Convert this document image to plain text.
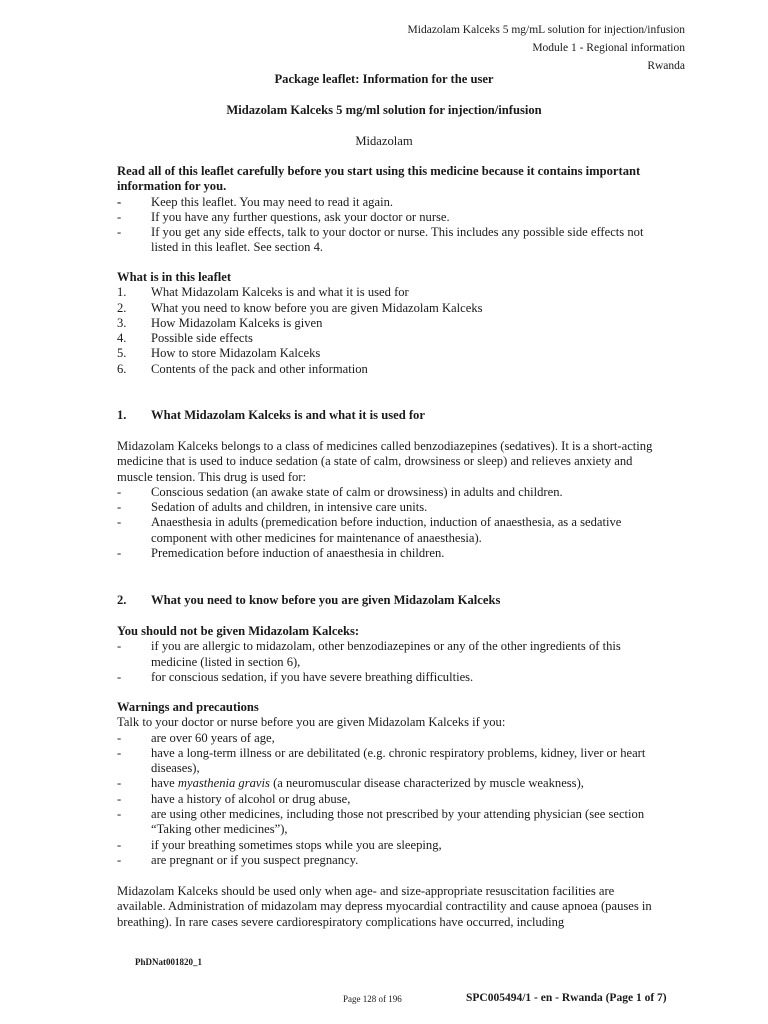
Midazolam Kalceks 5 mg/mL solution for injection/infusion
Module 1 - Regional information
Rwanda
Package leaflet: Information for the user
Midazolam Kalceks 5 mg/ml solution for injection/infusion
Midazolam

Read all of this leaflet carefully before you start using this medicine because it contains important information for you.

-	Keep this leaflet. You may need to read it again.
-	If you have any further questions, ask your doctor or nurse.
-	If you get any side effects, talk to your doctor or nurse. This includes any possible side effects not listed in this leaflet. See section 4.

What is in this leaflet

1.	What Midazolam Kalceks is and what it is used for
2.	What you need to know before you are given Midazolam Kalceks
3.	How Midazolam Kalceks is given
4.	Possible side effects
5.	How to store Midazolam Kalceks
6.	Contents of the pack and other information
1.	What Midazolam Kalceks is and what it is used for

Midazolam Kalceks belongs to a class of medicines called benzodiazepines (sedatives). It is a short-acting medicine that is used to induce sedation (a state of calm, drowsiness or sleep) and relieves anxiety and muscle tension. This drug is used for:

-	Conscious sedation (an awake state of calm or drowsiness) in adults and children.
-	Sedation of adults and children, in intensive care units.
-	Anaesthesia in adults (premedication before induction, induction of anaesthesia, as a sedative component with other medicines for maintenance of anaesthesia).
-	Premedication before induction of anaesthesia in children.
2.	What you need to know before you are given Midazolam Kalceks

You should not be given Midazolam Kalceks:

-	if you are allergic to midazolam, other benzodiazepines or any of the other ingredients of this medicine (listed in section 6),
-	for conscious sedation, if you have severe breathing difficulties.

Warnings and precautions

Talk to your doctor or nurse before you are given Midazolam Kalceks if you:

-	are over 60 years of age,
-	have a long-term illness or are debilitated (e.g. chronic respiratory problems, kidney, liver or heart diseases),
-	have myasthenia gravis (a neuromuscular disease characterized by muscle weakness),
-	have a history of alcohol or drug abuse,
-	are using other medicines, including those not prescribed by your attending physician (see section “Taking other medicines”),
-	if your breathing sometimes stops while you are sleeping,
-	are pregnant or if you suspect pregnancy.

Midazolam Kalceks should be used only when age- and size-appropriate resuscitation facilities are available. Administration of midazolam may depress myocardial contractility and cause apnoea (pauses in breathing). In rare cases severe cardiorespiratory complications have occurred, including

PhDNat001820_1
Page 128 of 196	SPC005494/1 - en - Rwanda (Page 1 of 7)
